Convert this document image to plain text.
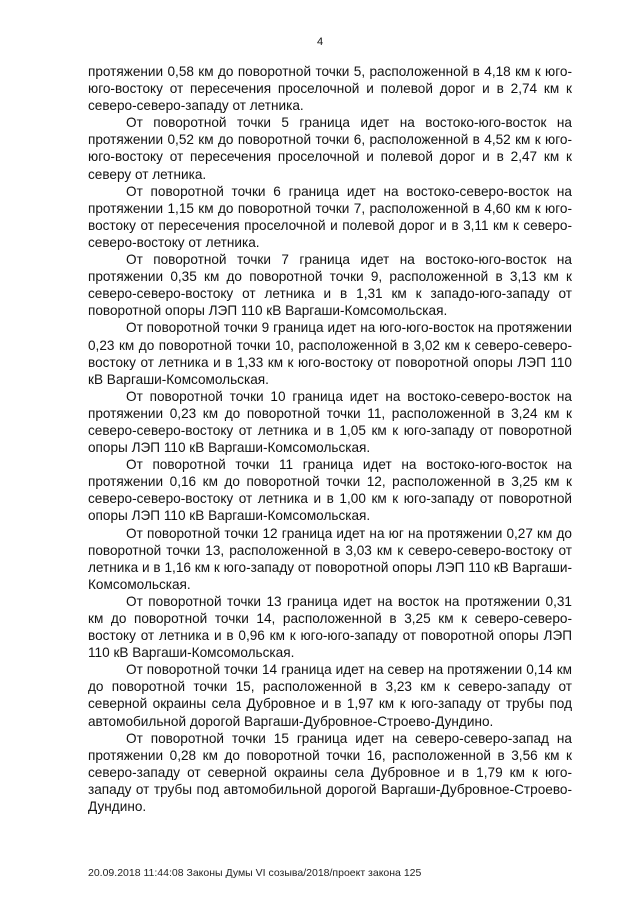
4

протяжении 0,58 км до поворотной точки 5, расположенной в 4,18 км к юго-юго-востоку от пересечения проселочной и полевой дорог и в 2,74 км к северо-северо-западу от летника.

От поворотной точки 5 граница идет на востоко-юго-восток на протяжении 0,52 км до поворотной точки 6, расположенной в 4,52 км к юго-юго-востоку от пересечения проселочной и полевой дорог и в 2,47 км к северу от летника.

От поворотной точки 6 граница идет на востоко-северо-восток на протяжении 1,15 км до поворотной точки 7, расположенной в 4,60 км к юго-востоку от пересечения проселочной и полевой дорог и в 3,11 км к северо-северо-востоку от летника.

От поворотной точки 7 граница идет на востоко-юго-восток на протяжении 0,35 км до поворотной точки 9, расположенной в 3,13 км к северо-северо-востоку от летника и в 1,31 км к западо-юго-западу от поворотной опоры ЛЭП 110 кВ Варгаши-Комсомольская.

От поворотной точки 9 граница идет на юго-юго-восток на протяжении 0,23 км до поворотной точки 10, расположенной в 3,02 км к северо-северо-востоку от летника и в 1,33 км к юго-востоку от поворотной опоры ЛЭП 110 кВ Варгаши-Комсомольская.

От поворотной точки 10 граница идет на востоко-северо-восток на протяжении 0,23 км до поворотной точки 11, расположенной в 3,24 км к северо-северо-востоку от летника и в 1,05 км к юго-западу от поворотной опоры ЛЭП 110 кВ Варгаши-Комсомольская.

От поворотной точки 11 граница идет на востоко-юго-восток на протяжении 0,16 км до поворотной точки 12, расположенной в 3,25 км к северо-северо-востоку от летника и в 1,00 км к юго-западу от поворотной опоры ЛЭП 110 кВ Варгаши-Комсомольская.

От поворотной точки 12 граница идет на юг на протяжении 0,27 км до поворотной точки 13, расположенной в 3,03 км к северо-северо-востоку от летника и в 1,16 км к юго-западу от поворотной опоры ЛЭП 110 кВ Варгаши-Комсомольская.

От поворотной точки 13 граница идет на восток на протяжении 0,31 км до поворотной точки 14, расположенной в 3,25 км к северо-северо-востоку от летника и в 0,96 км к юго-юго-западу от поворотной опоры ЛЭП 110 кВ Варгаши-Комсомольская.

От поворотной точки 14 граница идет на север на протяжении 0,14 км до поворотной точки 15, расположенной в 3,23 км к северо-западу от северной окраины села Дубровное и в 1,97 км к юго-западу от трубы под автомобильной дорогой Варгаши-Дубровное-Строево-Дундино.

От поворотной точки 15 граница идет на северо-северо-запад на протяжении 0,28 км до поворотной точки 16, расположенной в 3,56 км к северо-западу от северной окраины села Дубровное и в 1,79 км к юго-западу от трубы под автомобильной дорогой Варгаши-Дубровное-Строево-Дундино.

20.09.2018 11:44:08 Законы Думы VI созыва/2018/проект закона 125
